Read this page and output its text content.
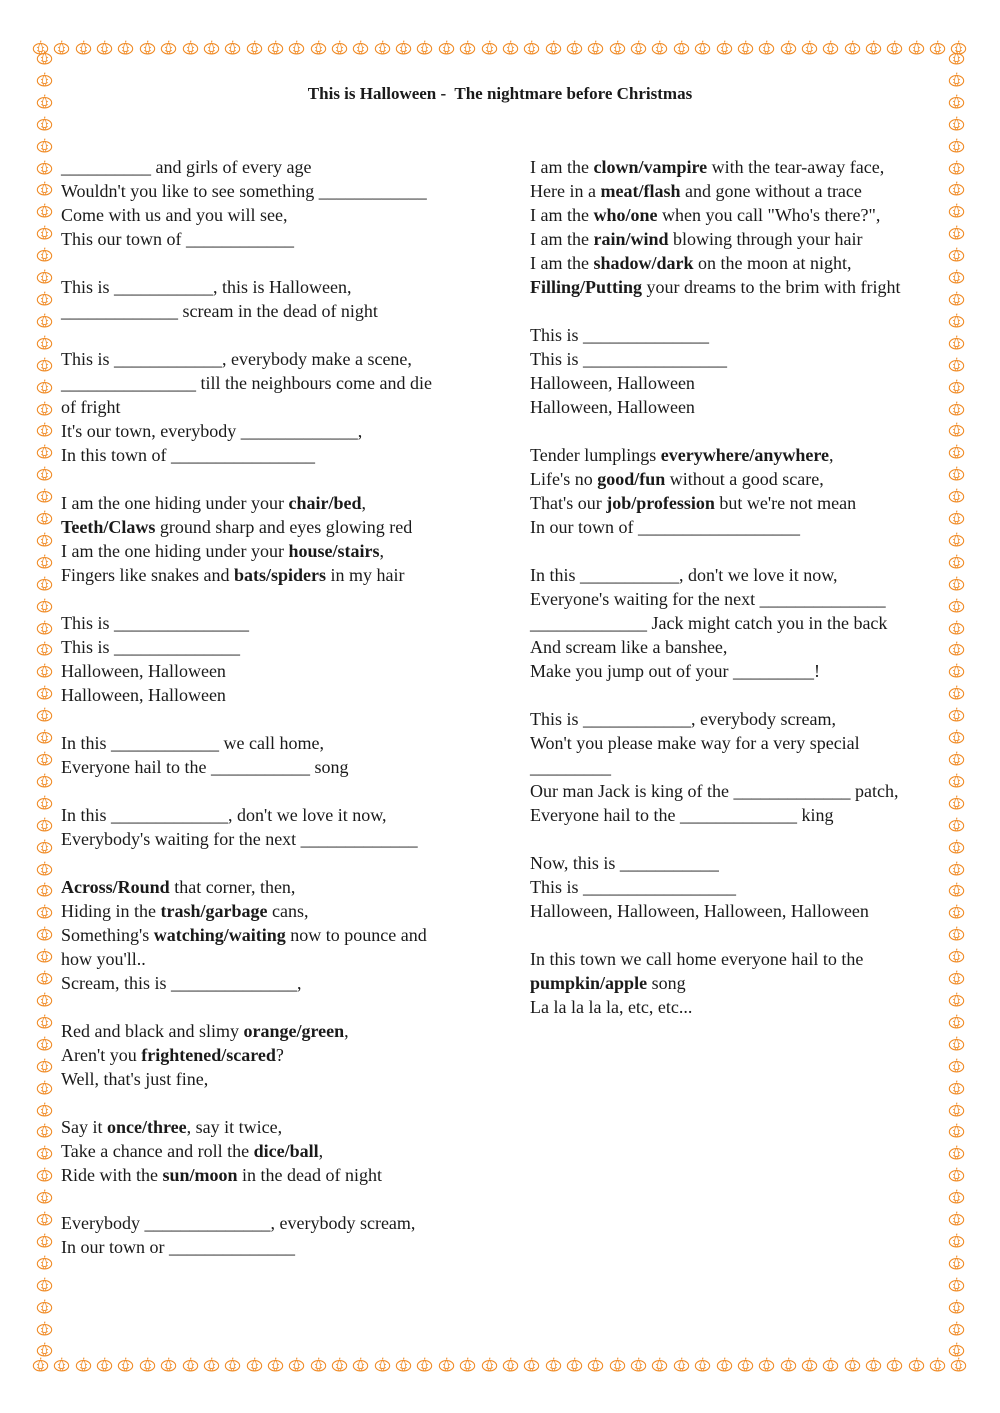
This is Halloween -  The nightmare before Christmas
__________ and girls of every age
Wouldn't you like to see something ____________
Come with us and you will see,
This our town of ____________
This is ___________, this is Halloween,
_____________ scream in the dead of night
This is ____________, everybody make a scene,
_______________ till the neighbours come and die
of fright
It's our town, everybody _____________,
In this town of ________________
I am the one hiding under your chair/bed,
Teeth/Claws ground sharp and eyes glowing red
I am the one hiding under your house/stairs,
Fingers like snakes and bats/spiders in my hair
This is _______________
This is ______________
Halloween, Halloween
Halloween, Halloween
In this ____________ we call home,
Everyone hail to the ___________ song
In this _____________, don't we love it now,
Everybody's waiting for the next _____________
Across/Round that corner, then,
Hiding in the trash/garbage cans,
Something's watching/waiting now to pounce and
how you'll..
Scream, this is ______________,
Red and black and slimy orange/green,
Aren't you frightened/scared?
Well, that's just fine,
Say it once/three, say it twice,
Take a chance and roll the dice/ball,
Ride with the sun/moon in the dead of night
Everybody ______________, everybody scream,
In our town or ______________
I am the clown/vampire with the tear-away face,
Here in a meat/flash and gone without a trace
I am the who/one when you call "Who's there?",
I am the rain/wind blowing through your hair
I am the shadow/dark on the moon at night,
Filling/Putting your dreams to the brim with fright
This is ______________
This is ________________
Halloween, Halloween
Halloween, Halloween
Tender lumplings everywhere/anywhere,
Life's no good/fun without a good scare,
That's our job/profession but we're not mean
In our town of __________________
In this ___________, don't we love it now,
Everyone's waiting for the next ______________
_____________ Jack might catch you in the back
And scream like a banshee,
Make you jump out of your _________!
This is ____________, everybody scream,
Won't you please make way for a very special
_________
Our man Jack is king of the _____________ patch,
Everyone hail to the _____________ king
Now, this is ___________
This is _________________
Halloween, Halloween, Halloween, Halloween
In this town we call home everyone hail to the
pumpkin/apple song
La la la la la, etc, etc...
